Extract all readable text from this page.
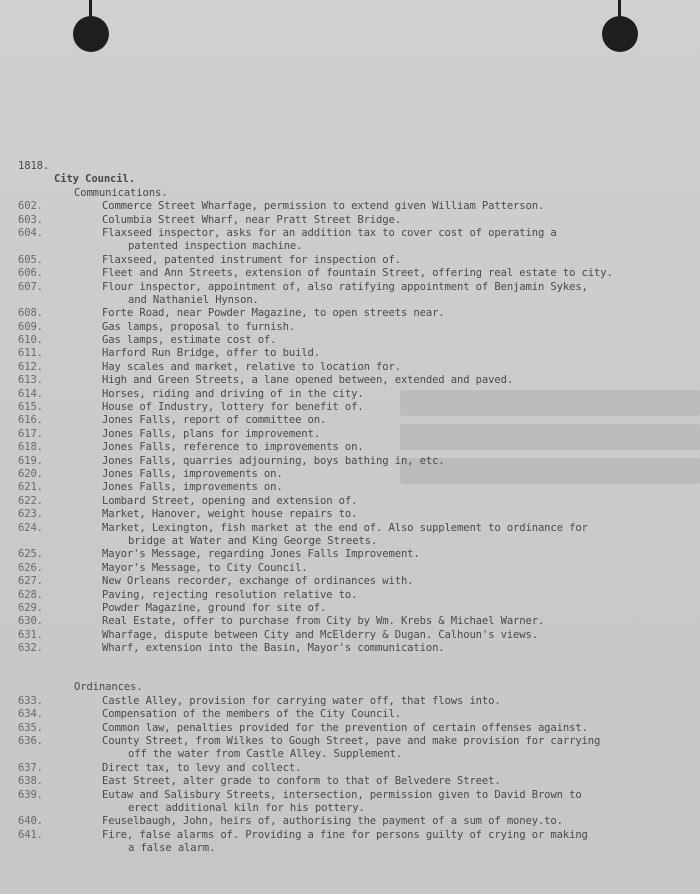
1818.
City Council.
Communications.
602.	Commerce Street Wharfage, permission to extend given William Patterson.
603.	Columbia Street Wharf, near Pratt Street Bridge.
604.	Flaxseed inspector, asks for an addition tax to cover cost of operating a
patented inspection machine.
605.	Flaxseed, patented instrument for inspection of.
606.	Fleet and Ann Streets, extension of fountain Street, offering real estate to city.
607.	Flour inspector, appointment of, also ratifying appointment of Benjamin Sykes,
and Nathaniel Hynson.
608.	Forte Road, near Powder Magazine, to open streets near.
609.	Gas lamps, proposal to furnish.
610.	Gas lamps, estimate cost of.
611.	Harford Run Bridge, offer to build.
612.	Hay scales and market, relative to location for.
613.	High and Green Streets, a lane opened between, extended and paved.
614.	Horses, riding and driving of in the city.
615.	House of Industry, lottery for benefit of.
616.	Jones Falls, report of committee on.
617.	Jones Falls, plans for improvement.
618.	Jones Falls, reference to improvements on.
619.	Jones Falls, quarries adjourning, boys bathing in, etc.
620.	Jones Falls, improvements on.
621.	Jones Falls, improvements on.
622.	Lombard Street, opening and extension of.
623.	Market, Hanover, weight house repairs to.
624.	Market, Lexington, fish market at the end of. Also supplement to ordinance for
bridge at Water and King George Streets.
625.	Mayor's Message, regarding Jones Falls Improvement.
626.	Mayor's Message, to City Council.
627.	New Orleans recorder, exchange of ordinances with.
628.	Paving, rejecting resolution relative to.
629.	Powder Magazine, ground for site of.
630.	Real Estate, offer to purchase from City by Wm. Krebs & Michael Warner.
631.	Wharfage, dispute between City and McElderry & Dugan. Calhoun's views.
632.	Wharf, extension into the Basin, Mayor's communication.
Ordinances.
633.	Castle Alley, provision for carrying water off, that flows into.
634.	Compensation of the members of the City Council.
635.	Common law, penalties provided for the prevention of certain offenses against.
636.	County Street, from Wilkes to Gough Street, pave and make provision for carrying
off the water from Castle Alley. Supplement.
637.	Direct tax, to levy and collect.
638.	East Street, alter grade to conform to that of Belvedere Street.
639.	Eutaw and Salisbury Streets, intersection, permission given to David Brown to
erect additional kiln for his pottery.
640.	Feuselbaugh, John, heirs of, authorising the payment of a sum of money.to.
641.	Fire, false alarms of. Providing a fine for persons guilty of crying or making
a false alarm.
